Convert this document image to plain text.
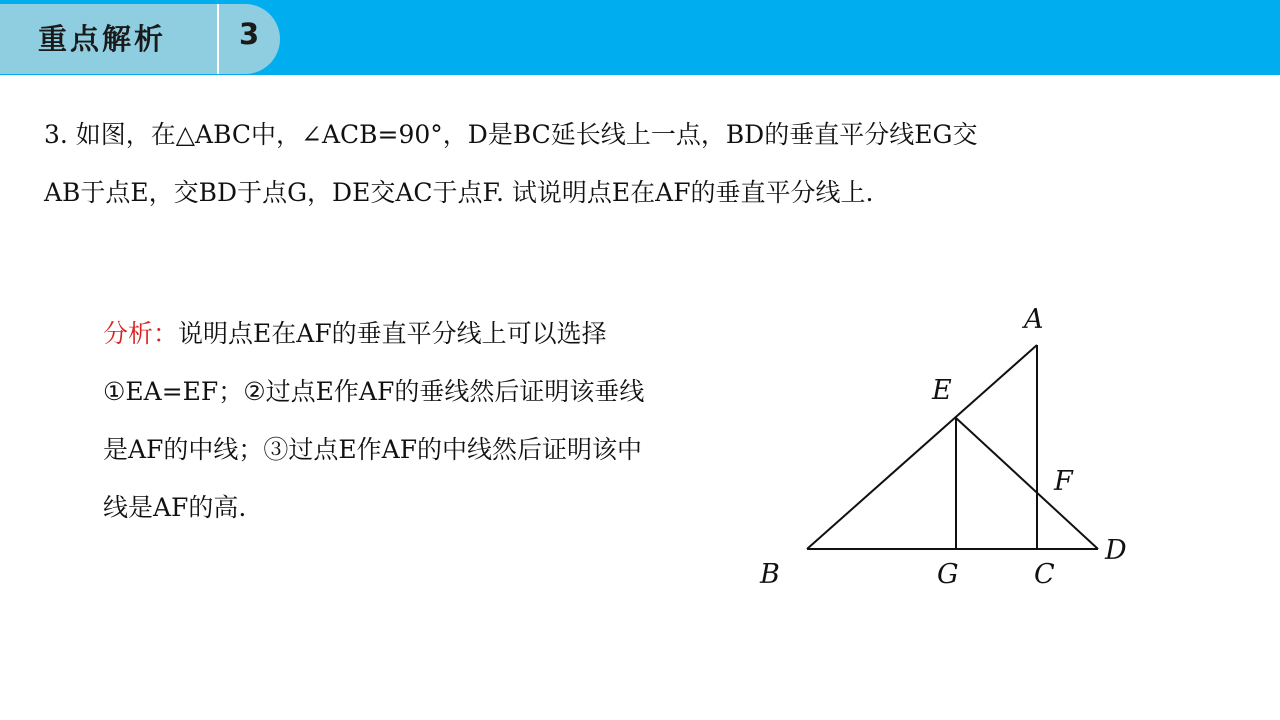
重点解析	3
3. 如图，在△ABC中，∠ACB=90°，D是BC延长线上一点，BD的垂直平分线EG交
AB于点E，交BD于点G，DE交AC于点F. 试说明点E在AF的垂直平分线上.
分析：说明点E在AF的垂直平分线上可以选择
①EA=EF；②过点E作AF的垂线然后证明该垂线
是AF的中线；③过点E作AF的中线然后证明该中
线是AF的高.
A
E
F
D
B	G	C
